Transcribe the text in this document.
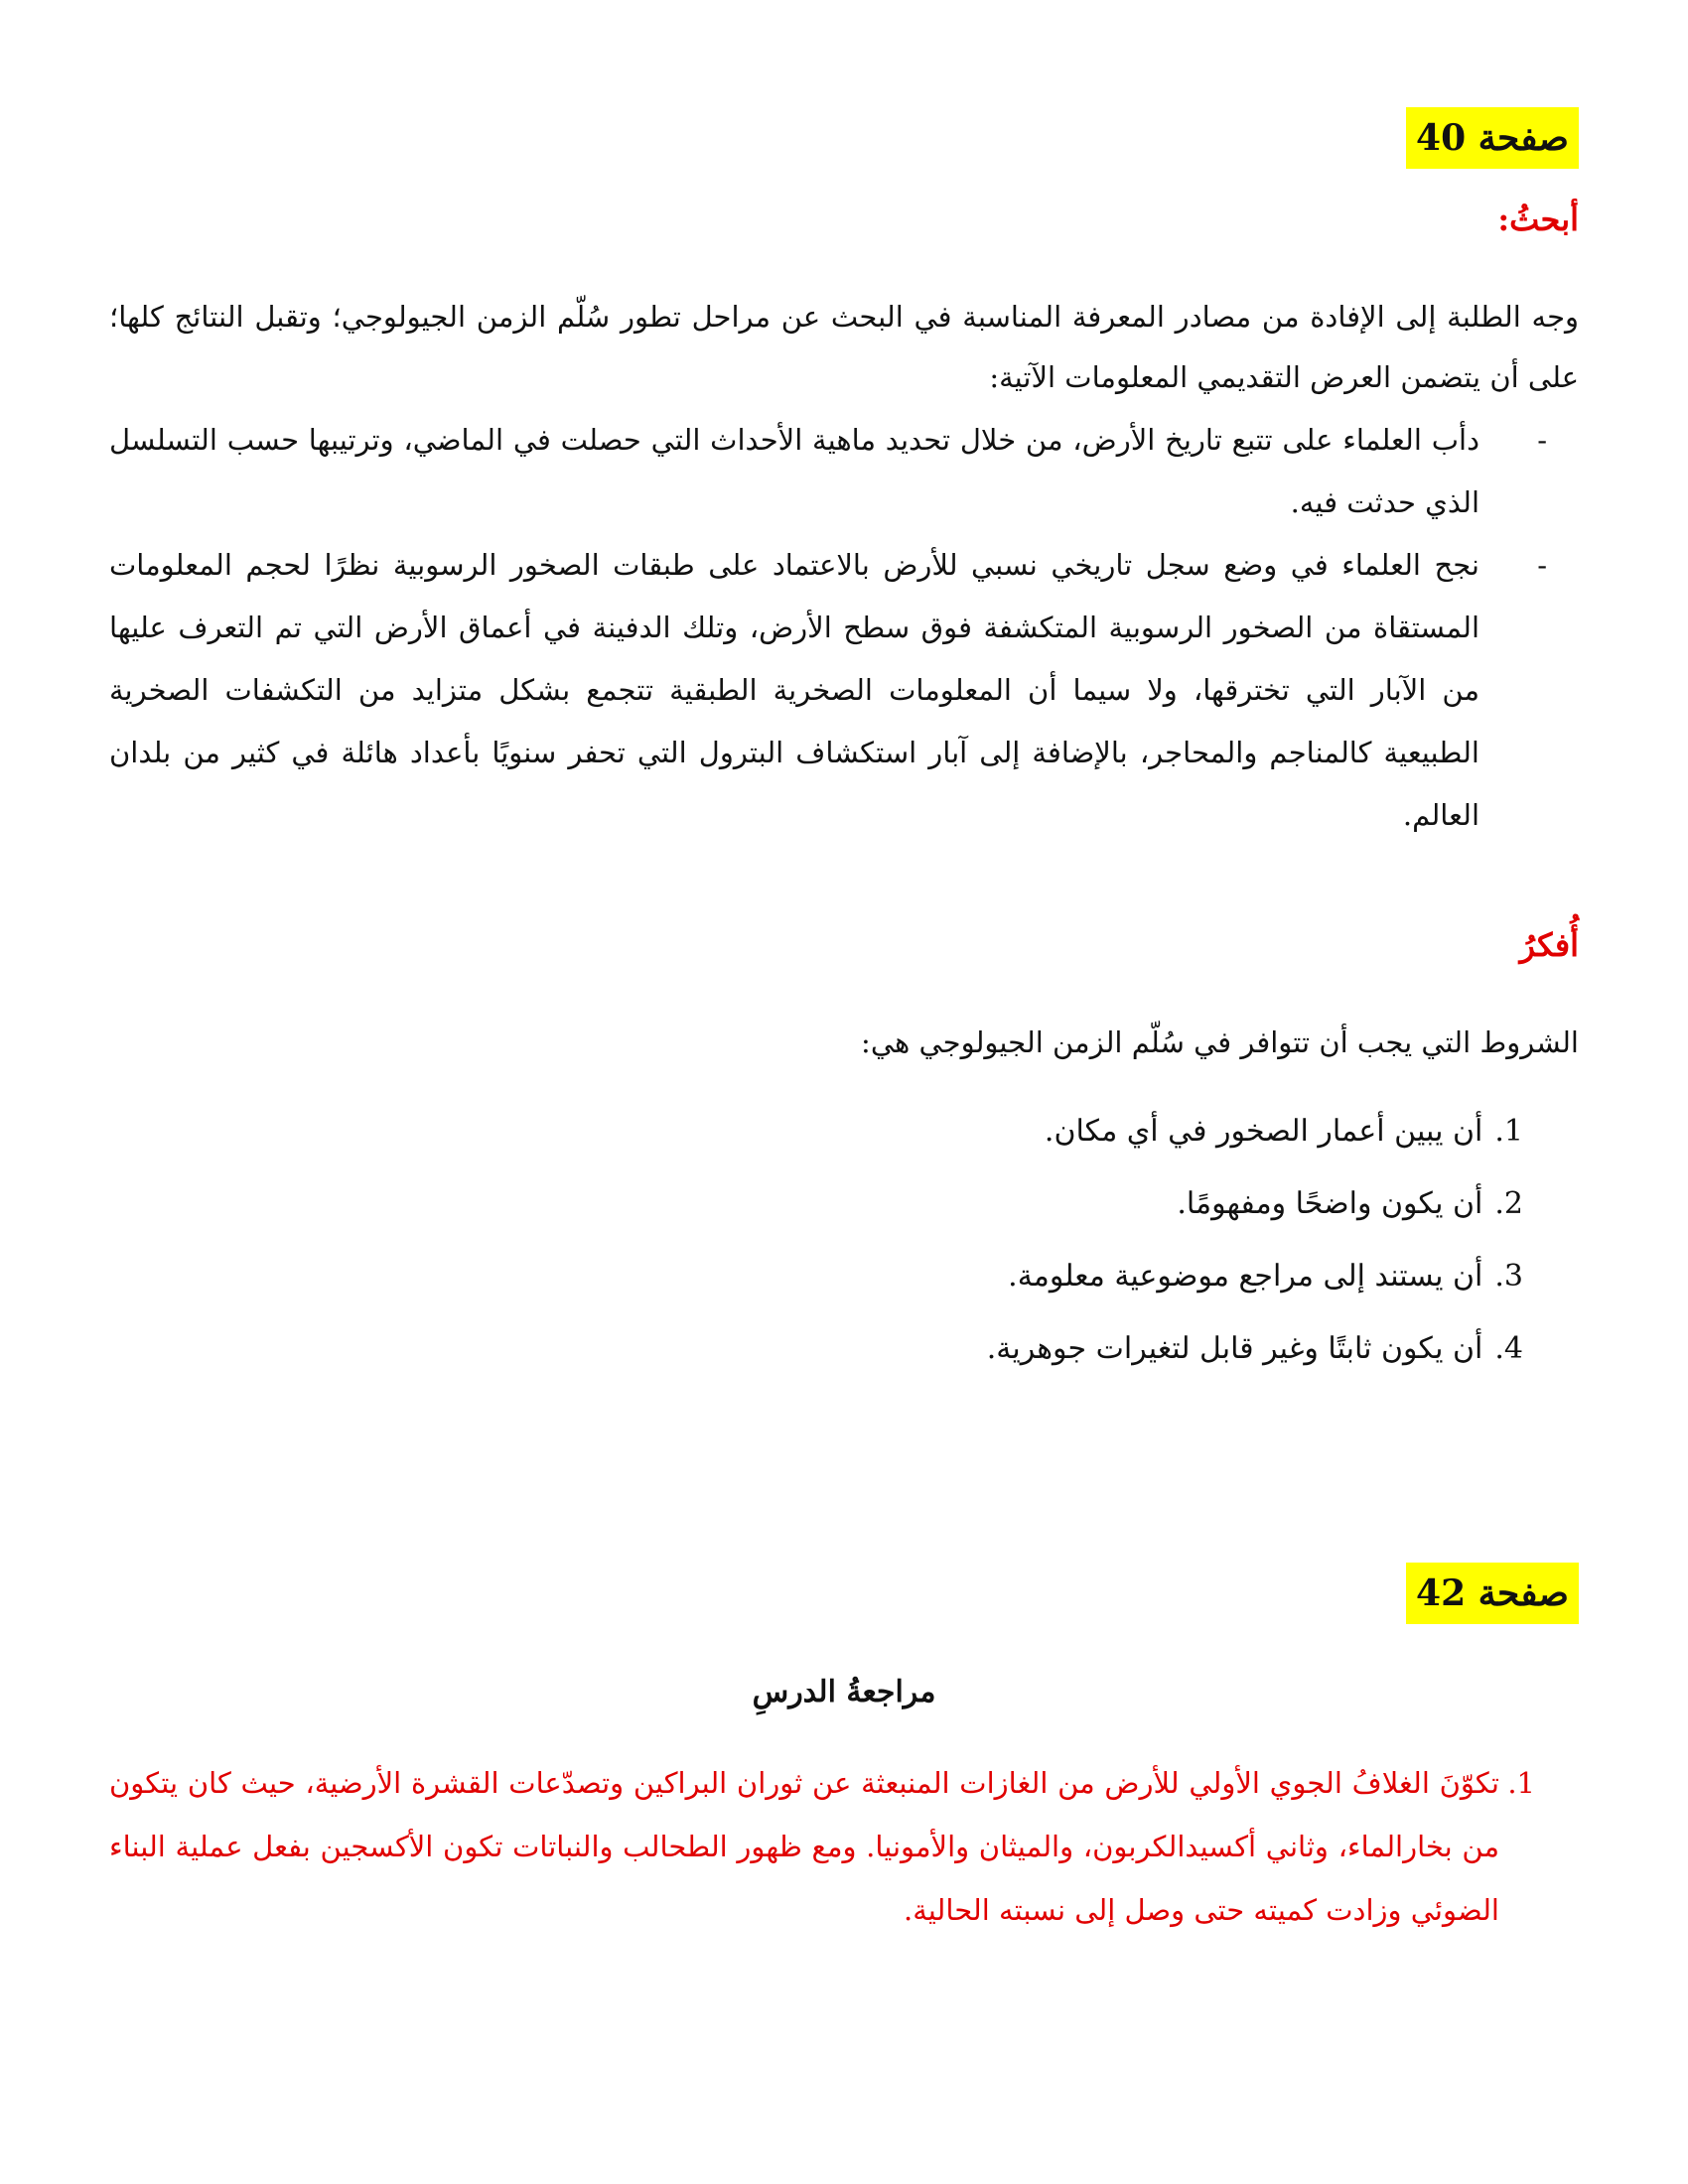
صفحة 40
أبحثُ:
وجه الطلبة إلى الإفادة من مصادر المعرفة المناسبة في البحث عن مراحل تطور سُلّم الزمن الجيولوجي؛ وتقبل النتائج كلها؛ على أن يتضمن العرض التقديمي المعلومات الآتية:
-
دأب العلماء على تتبع تاريخ الأرض، من خلال تحديد ماهية الأحداث التي حصلت في الماضي، وترتيبها حسب التسلسل الذي حدثت فيه.
-
نجح العلماء في وضع سجل تاريخي نسبي للأرض بالاعتماد على طبقات الصخور الرسوبية نظرًا لحجم المعلومات المستقاة من الصخور الرسوبية المتكشفة فوق سطح الأرض، وتلك الدفينة في أعماق الأرض التي تم التعرف عليها من الآبار التي تخترقها، ولا سيما أن المعلومات الصخرية الطبقية تتجمع بشكل متزايد من التكشفات الصخرية الطبيعية كالمناجم والمحاجر، بالإضافة إلى آبار استكشاف البترول التي تحفر سنويًا بأعداد هائلة في كثير من بلدان العالم.
أُفكرُ
الشروط التي يجب أن تتوافر في سُلّم الزمن الجيولوجي هي:
1.أن يبين أعمار الصخور في أي مكان.
2.أن يكون واضحًا ومفهومًا.
3.أن يستند إلى مراجع موضوعية معلومة.
4.أن يكون ثابتًا وغير قابل لتغيرات جوهرية.
صفحة 42
مراجعةُ الدرسِ
1.
تكوّنَ الغلافُ الجوي الأولي للأرض من الغازات المنبعثة عن ثوران البراكين وتصدّعات القشرة الأرضية، حيث كان يتكون من بخارالماء، وثاني أكسيدالكربون، والميثان والأمونيا. ومع ظهور الطحالب والنباتات تكون الأكسجين بفعل عملية البناء الضوئي وزادت كميته حتى وصل إلى نسبته الحالية.
